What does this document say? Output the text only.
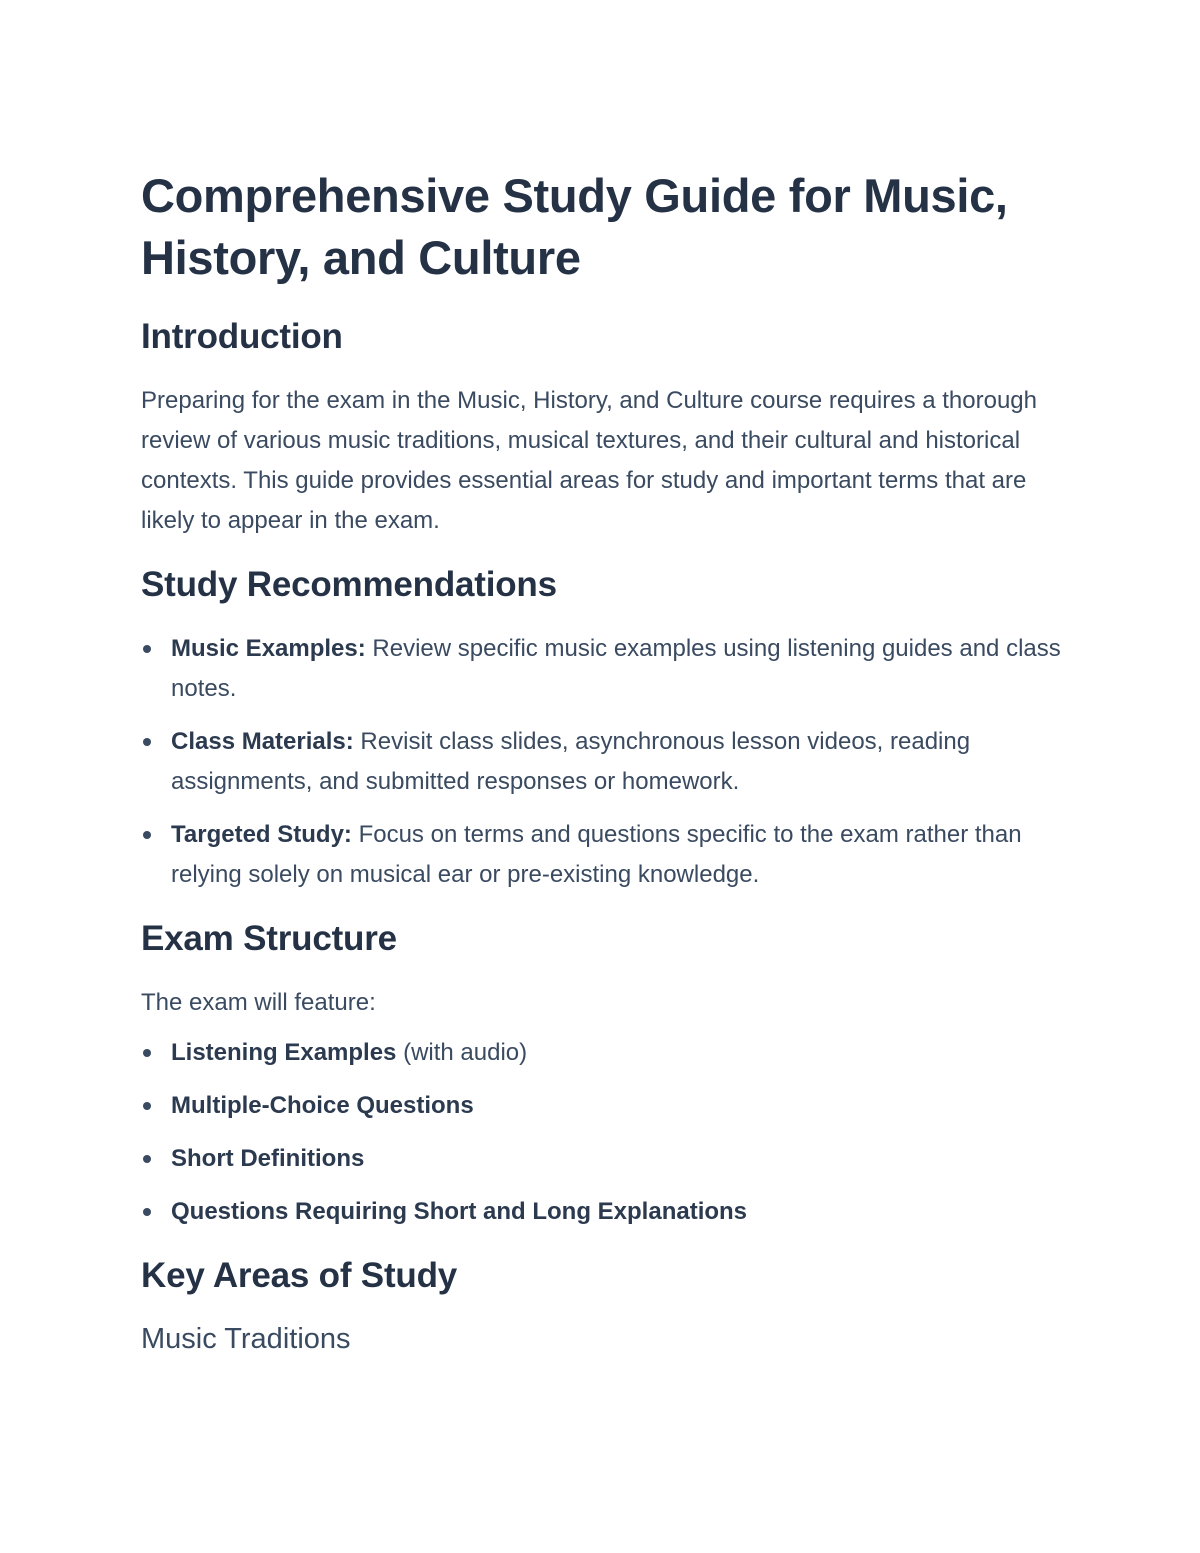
Comprehensive Study Guide for Music, History, and Culture
Introduction

Preparing for the exam in the Music, History, and Culture course requires a thorough review of various music traditions, musical textures, and their cultural and historical contexts. This guide provides essential areas for study and important terms that are likely to appear in the exam.

Study Recommendations
Music Examples: Review specific music examples using listening guides and class notes.
Class Materials: Revisit class slides, asynchronous lesson videos, reading assignments, and submitted responses or homework.
Targeted Study: Focus on terms and questions specific to the exam rather than relying solely on musical ear or pre-existing knowledge.
Exam Structure

The exam will feature:

Listening Examples (with audio)
Multiple-Choice Questions
Short Definitions
Questions Requiring Short and Long Explanations
Key Areas of Study
Music Traditions
